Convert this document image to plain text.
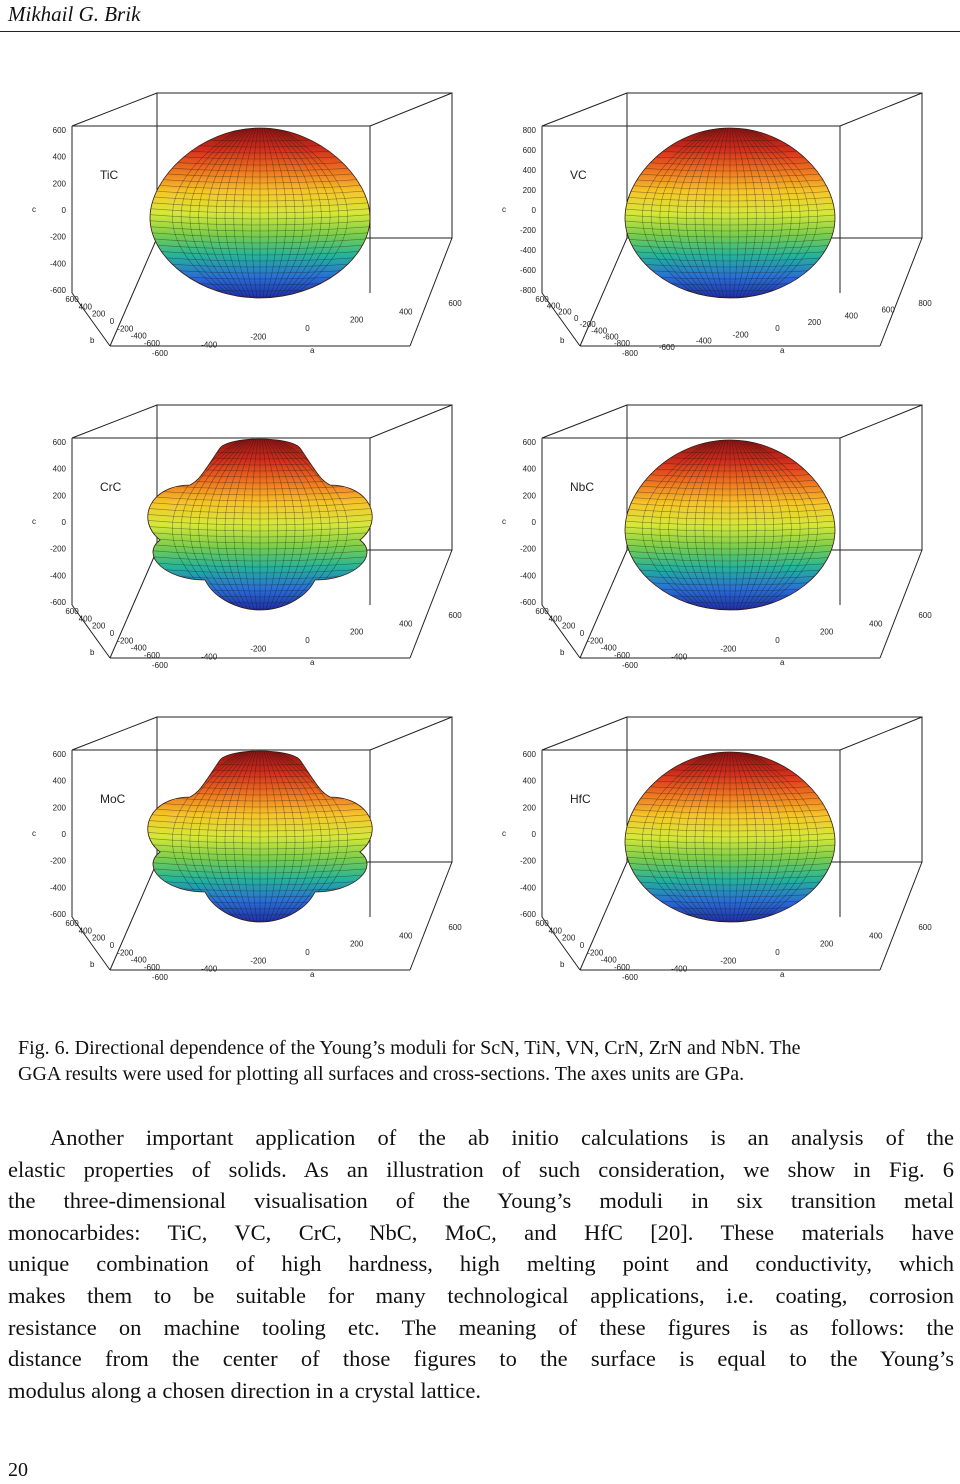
Mikhail G. Brik
600
400
200
0
-200
-400
-600
c
600
400
200
0
-200
-400
-600
b
-600
-400
-200
0
200
400
600
a
TiC
800
600
400
200
0
-200
-400
-600
-800
c
600
400
200
0
-200
-400
-600
-800
b
-800
-600
-400
-200
0
200
400
600
800
a
VC
600
400
200
0
-200
-400
-600
c
600
400
200
0
-200
-400
-600
b
-600
-400
-200
0
200
400
600
a
CrC
600
400
200
0
-200
-400
-600
c
600
400
200
0
-200
-400
-600
b
-600
-400
-200
0
200
400
600
a
NbC
600
400
200
0
-200
-400
-600
c
600
400
200
0
-200
-400
-600
b
-600
-400
-200
0
200
400
600
a
MoC
600
400
200
0
-200
-400
-600
c
600
400
200
0
-200
-400
-600
b
-600
-400
-200
0
200
400
600
a
HfC
Fig. 6. Directional dependence of the Young’s moduli for ScN, TiN, VN, CrN, ZrN and NbN. The
GGA results were used for plotting all surfaces and cross-sections. The axes units are GPa.
Another important application of the ab initio calculations is an analysis of the
elastic properties of solids. As an illustration of such consideration, we show in Fig. 6
the three-dimensional visualisation of the Young’s moduli in six transition metal
monocarbides: TiC, VC, CrC, NbC, MoC, and HfC [20]. These materials have
unique combination of high hardness, high melting point and conductivity, which
makes them to be suitable for many technological applications, i.e. coating, corrosion
resistance on machine tooling etc. The meaning of these figures is as follows: the
distance from the center of those figures to the surface is equal to the Young’s
modulus along a chosen direction in a crystal lattice.
20
